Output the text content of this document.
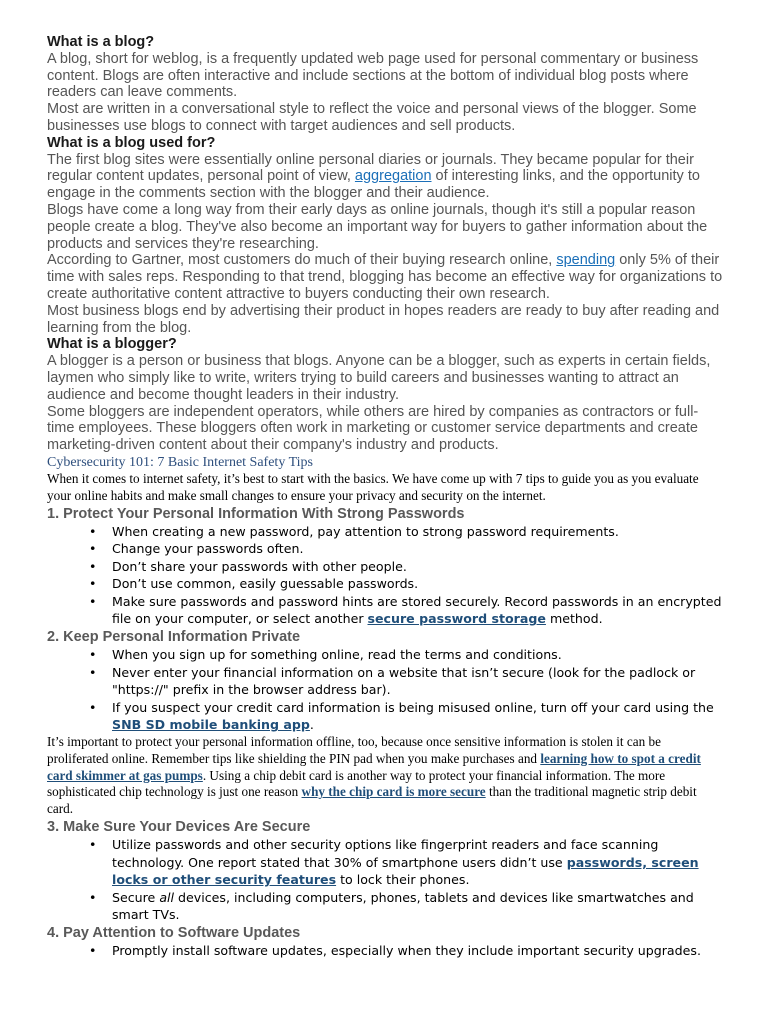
What is a blog?

A blog, short for weblog, is a frequently updated web page used for personal commentary or business content. Blogs are often interactive and include sections at the bottom of individual blog posts where readers can leave comments.

Most are written in a conversational style to reflect the voice and personal views of the blogger. Some businesses use blogs to connect with target audiences and sell products.

What is a blog used for?

The first blog sites were essentially online personal diaries or journals. They became popular for their regular content updates, personal point of view, aggregation of interesting links, and the opportunity to engage in the comments section with the blogger and their audience.

Blogs have come a long way from their early days as online journals, though it's still a popular reason people create a blog. They've also become an important way for buyers to gather information about the products and services they're researching.

According to Gartner, most customers do much of their buying research online, spending only 5% of their time with sales reps. Responding to that trend, blogging has become an effective way for organizations to create authoritative content attractive to buyers conducting their own research.

Most business blogs end by advertising their product in hopes readers are ready to buy after reading and learning from the blog.

What is a blogger?

A blogger is a person or business that blogs. Anyone can be a blogger, such as experts in certain fields, laymen who simply like to write, writers trying to build careers and businesses wanting to attract an audience and become thought leaders in their industry.

Some bloggers are independent operators, while others are hired by companies as contractors or full-time employees. These bloggers often work in marketing or customer service departments and create marketing-driven content about their company's industry and products.

Cybersecurity 101: 7 Basic Internet Safety Tips

When it comes to internet safety, it’s best to start with the basics. We have come up with 7 tips to guide you as you evaluate your online habits and make small changes to ensure your privacy and security on the internet.

1. Protect Your Personal Information With Strong Passwords
• When creating a new password, pay attention to strong password requirements.
• Change your passwords often.
• Don’t share your passwords with other people.
• Don’t use common, easily guessable passwords.
• Make sure passwords and password hints are stored securely. Record passwords in an encrypted file on your computer, or select another secure password storage method.
2. Keep Personal Information Private
• When you sign up for something online, read the terms and conditions.
• Never enter your financial information on a website that isn’t secure (look for the padlock or "https://" prefix in the browser address bar).
• If you suspect your credit card information is being misused online, turn off your card using the SNB SD mobile banking app.

It’s important to protect your personal information offline, too, because once sensitive information is stolen it can be proliferated online. Remember tips like shielding the PIN pad when you make purchases and learning how to spot a credit card skimmer at gas pumps. Using a chip debit card is another way to protect your financial information. The more sophisticated chip technology is just one reason why the chip card is more secure than the traditional magnetic strip debit card.

3. Make Sure Your Devices Are Secure
• Utilize passwords and other security options like fingerprint readers and face scanning technology. One report stated that 30% of smartphone users didn’t use passwords, screen locks or other security features to lock their phones.
• Secure all devices, including computers, phones, tablets and devices like smartwatches and smart TVs.
4. Pay Attention to Software Updates
• Promptly install software updates, especially when they include important security upgrades.
